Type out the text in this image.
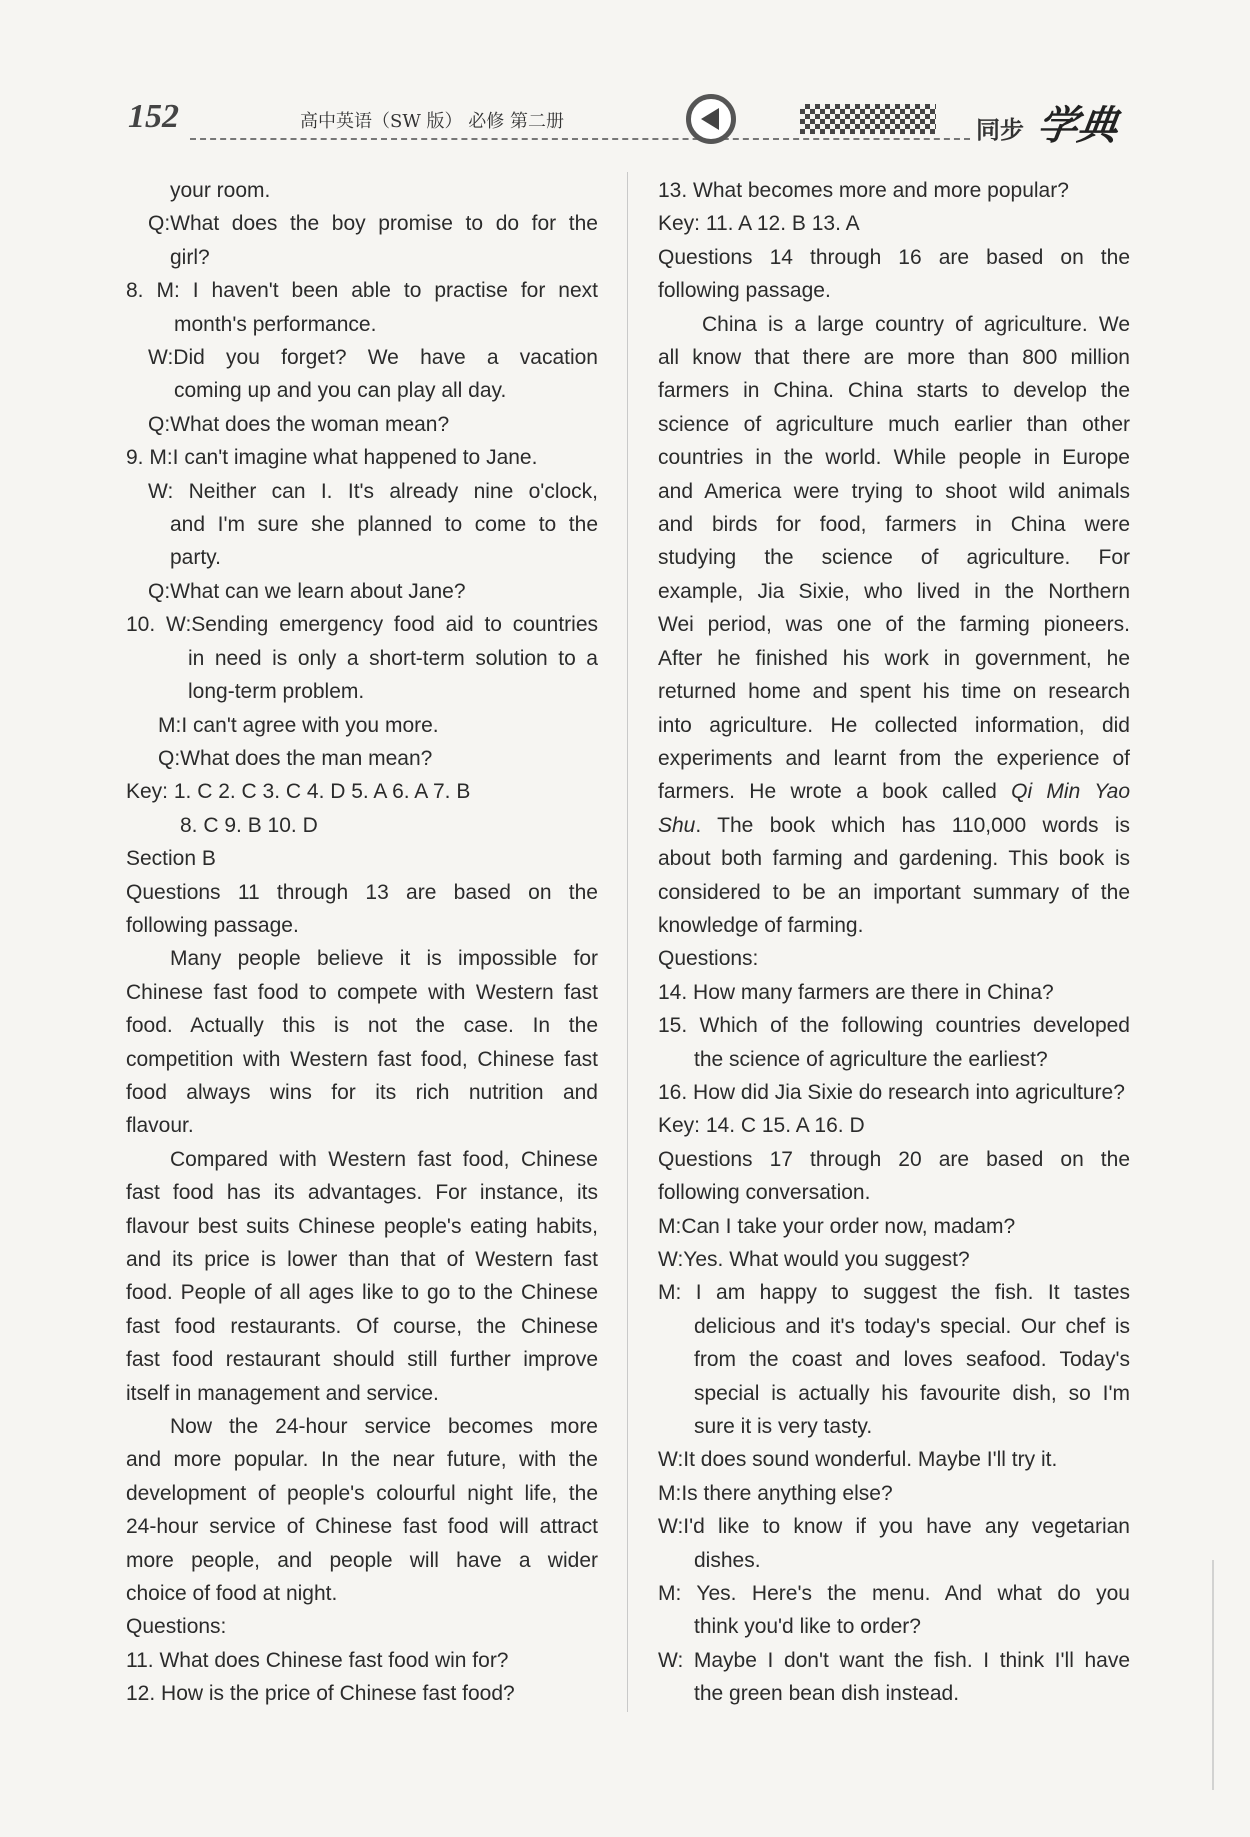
152	高中英语（SW 版） 必修 第二册	同步 学典
your room.
Q:What does the boy promise to do for the
girl?
8. M: I haven't been able to practise for next
month's performance.
W:Did you forget? We have a vacation
coming up and you can play all day.
Q:What does the woman mean?
9. M:I can't imagine what happened to Jane.
W: Neither can I. It's already nine o'clock,
and I'm sure she planned to come to the
party.
Q:What can we learn about Jane?
10. W:Sending emergency food aid to countries
in need is only a short-term solution to a
long-term problem.
M:I can't agree with you more.
Q:What does the man mean?
Key: 1. C 2. C 3. C 4. D 5. A 6. A 7. B
8. C 9. B 10. D
Section B
Questions 11 through 13 are based on the
following passage.
Many people believe it is impossible for
Chinese fast food to compete with Western fast
food. Actually this is not the case. In the
competition with Western fast food, Chinese fast
food always wins for its rich nutrition and
flavour.
Compared with Western fast food, Chinese
fast food has its advantages. For instance, its
flavour best suits Chinese people's eating habits,
and its price is lower than that of Western fast
food. People of all ages like to go to the Chinese
fast food restaurants. Of course, the Chinese
fast food restaurant should still further improve
itself in management and service.
Now the 24-hour service becomes more
and more popular. In the near future, with the
development of people's colourful night life, the
24-hour service of Chinese fast food will attract
more people, and people will have a wider
choice of food at night.
Questions:
11. What does Chinese fast food win for?
12. How is the price of Chinese fast food?
13. What becomes more and more popular?
Key: 11. A 12. B 13. A
Questions 14 through 16 are based on the
following passage.
China is a large country of agriculture. We
all know that there are more than 800 million
farmers in China. China starts to develop the
science of agriculture much earlier than other
countries in the world. While people in Europe
and America were trying to shoot wild animals
and birds for food, farmers in China were
studying the science of agriculture. For
example, Jia Sixie, who lived in the Northern
Wei period, was one of the farming pioneers.
After he finished his work in government, he
returned home and spent his time on research
into agriculture. He collected information, did
experiments and learnt from the experience of
farmers. He wrote a book called Qi Min Yao
Shu. The book which has 110,000 words is
about both farming and gardening. This book is
considered to be an important summary of the
knowledge of farming.
Questions:
14. How many farmers are there in China?
15. Which of the following countries developed
the science of agriculture the earliest?
16. How did Jia Sixie do research into agriculture?
Key: 14. C 15. A 16. D
Questions 17 through 20 are based on the
following conversation.
M:Can I take your order now, madam?
W:Yes. What would you suggest?
M: I am happy to suggest the fish. It tastes
delicious and it's today's special. Our chef is
from the coast and loves seafood. Today's
special is actually his favourite dish, so I'm
sure it is very tasty.
W:It does sound wonderful. Maybe I'll try it.
M:Is there anything else?
W:I'd like to know if you have any vegetarian
dishes.
M: Yes. Here's the menu. And what do you
think you'd like to order?
W: Maybe I don't want the fish. I think I'll have
the green bean dish instead.
